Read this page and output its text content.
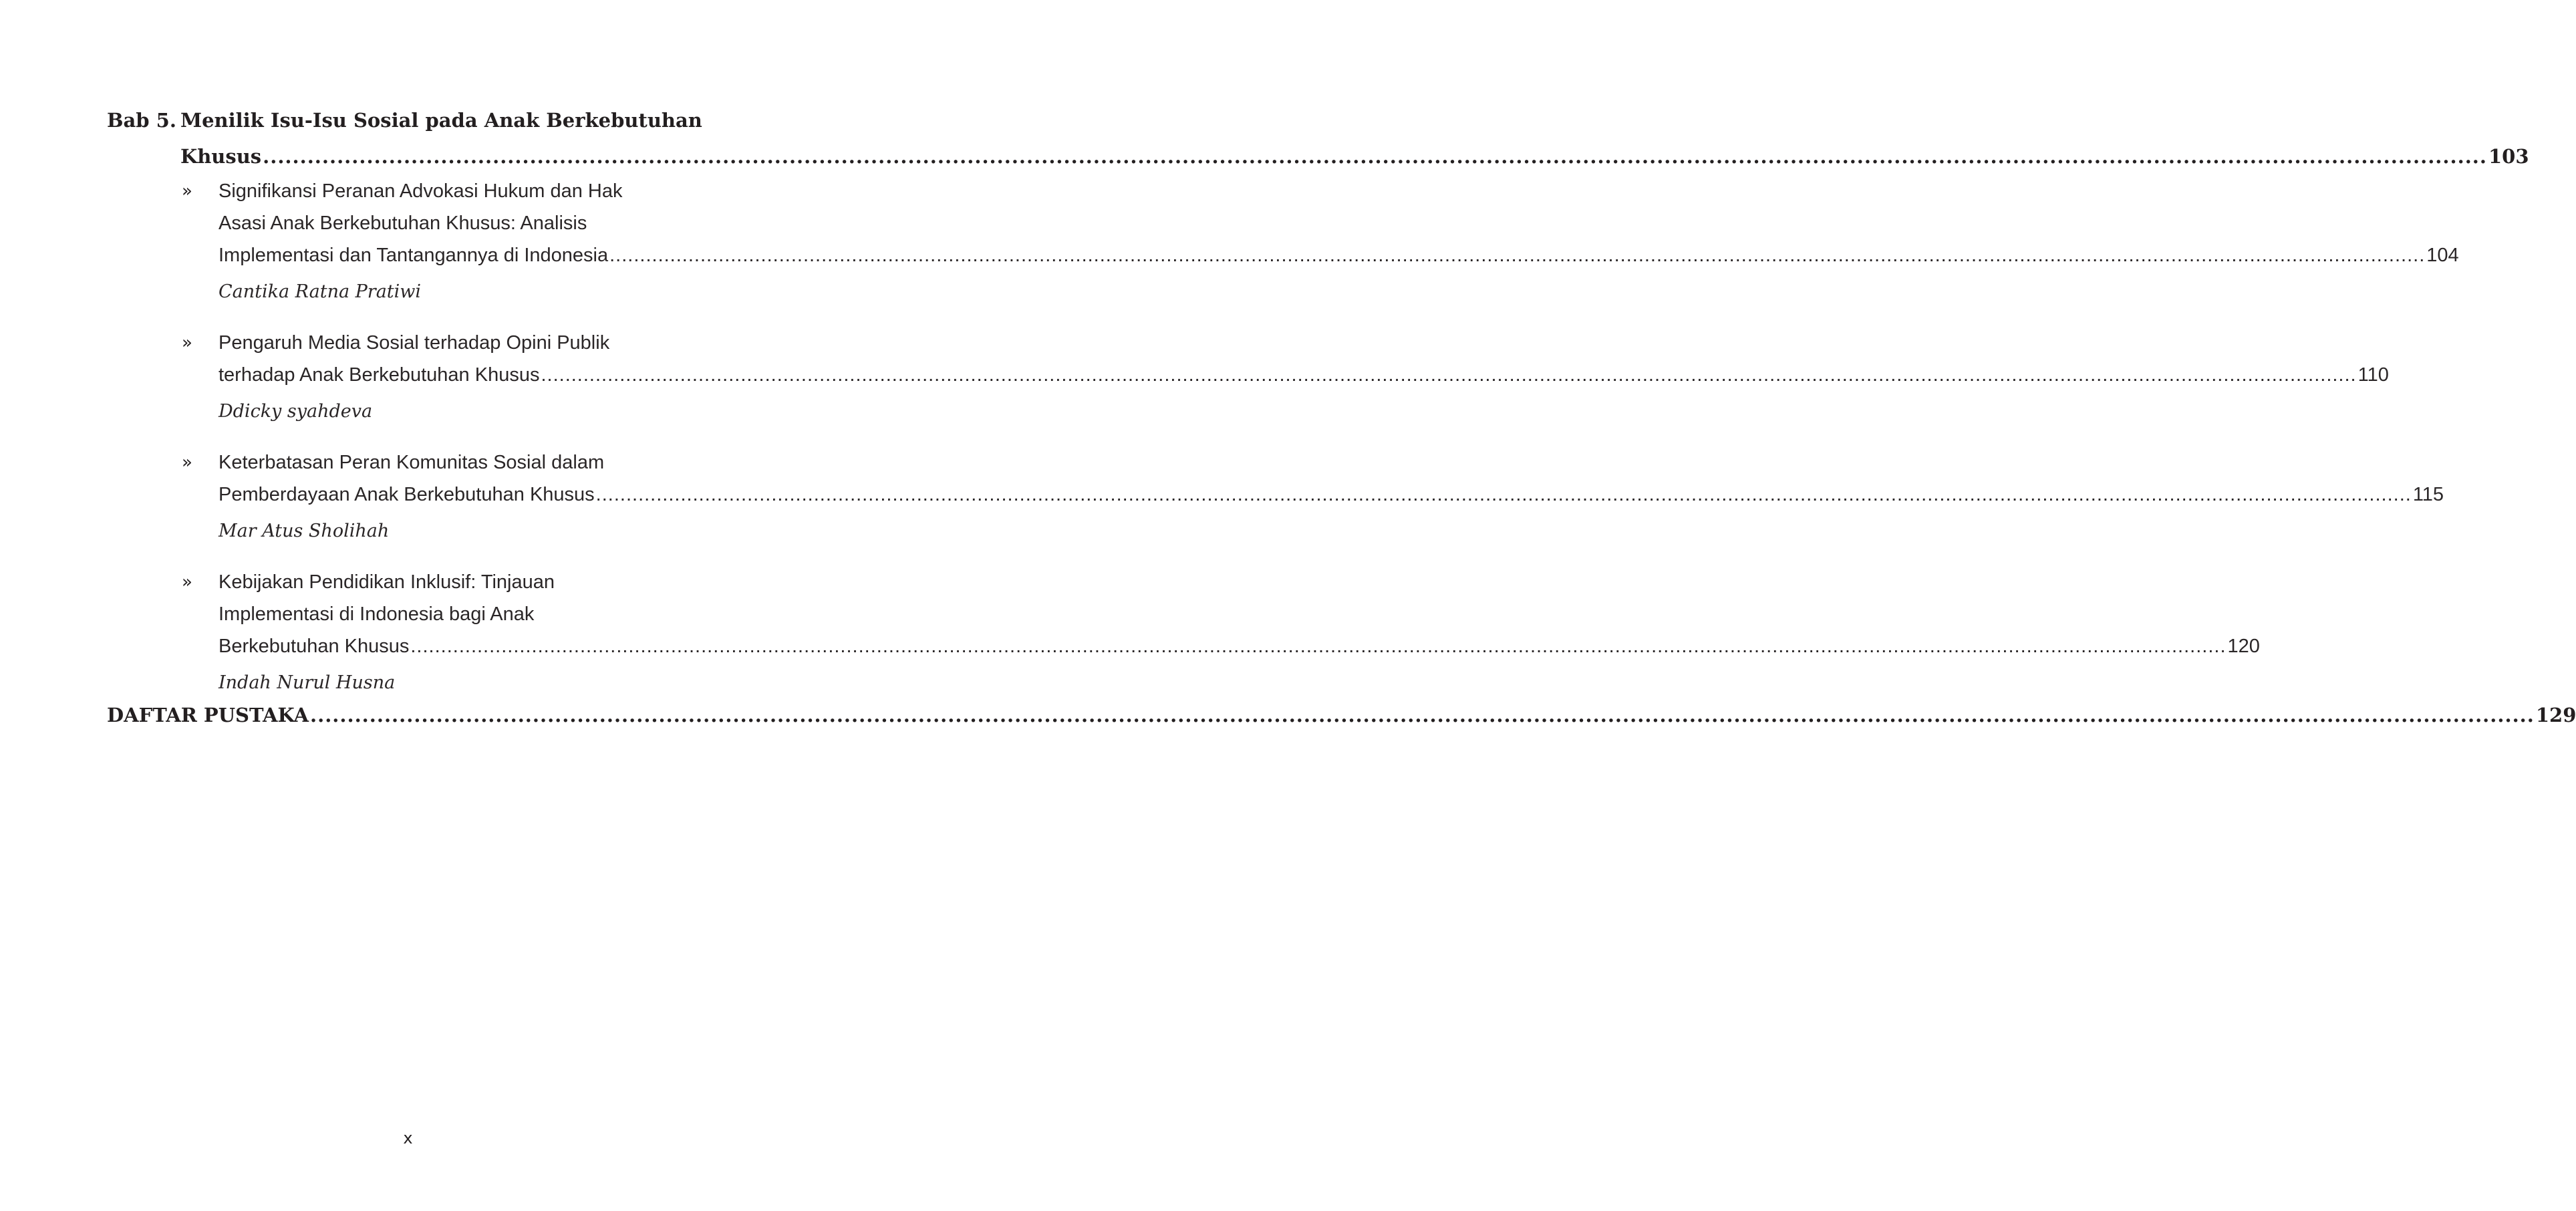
Bab 5. Menilik Isu-Isu Sosial pada Anak Berkebutuhan
Khusus ............................................................................................................................................................................................................................................................................................................ 103
» Signifikansi Peranan Advokasi Hukum dan Hak
Asasi Anak Berkebutuhan Khusus: Analisis
Implementasi dan Tantangannya di Indonesia ............................................................................................................................................................................................................................................................................................................ 104
Cantika Ratna Pratiwi
» Pengaruh Media Sosial terhadap Opini Publik
terhadap Anak Berkebutuhan Khusus ............................................................................................................................................................................................................................................................................................................ 110
Ddicky syahdeva
» Keterbatasan Peran Komunitas Sosial dalam
Pemberdayaan Anak Berkebutuhan Khusus ............................................................................................................................................................................................................................................................................................................ 115
Mar Atus Sholihah
» Kebijakan Pendidikan Inklusif: Tinjauan
Implementasi di Indonesia bagi Anak
Berkebutuhan Khusus ............................................................................................................................................................................................................................................................................................................ 120
Indah Nurul Husna
DAFTAR PUSTAKA ............................................................................................................................................................................................................................................................................................................ 129
x
